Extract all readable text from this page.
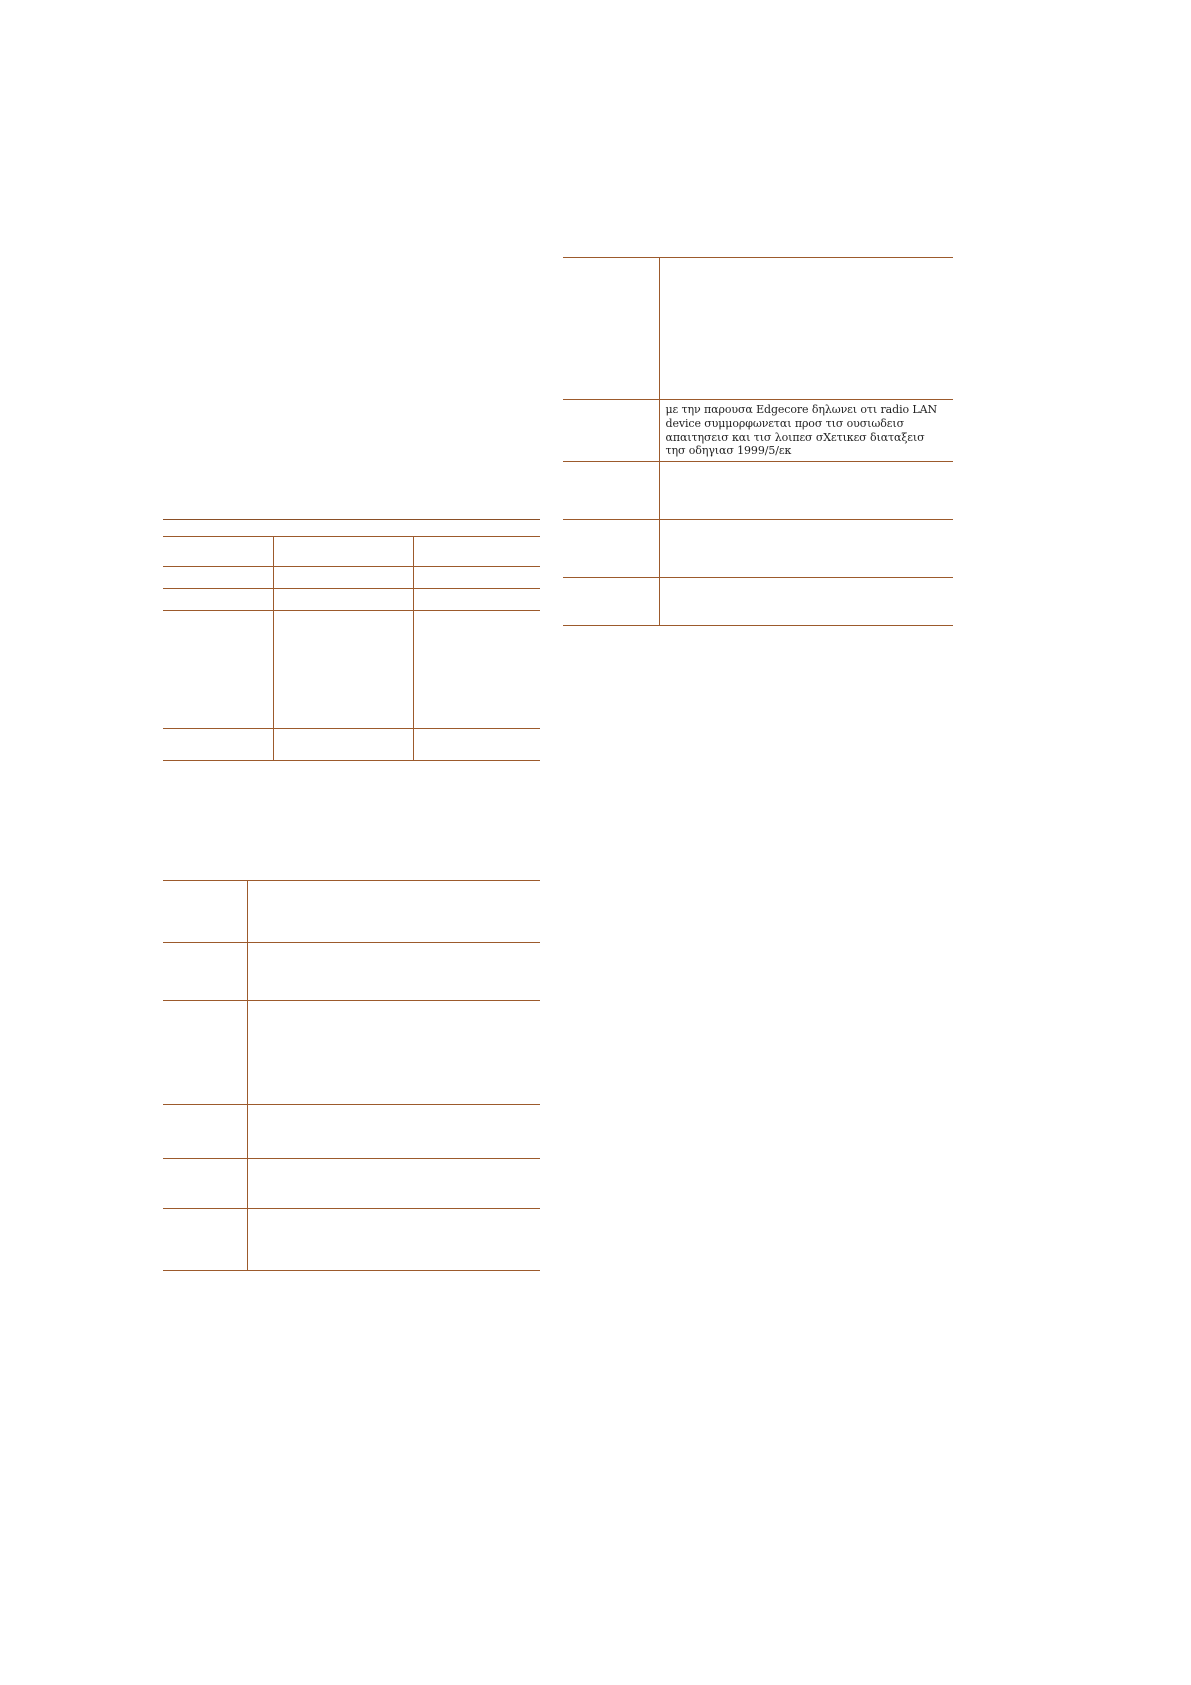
	με την παρουσα Edgecore δηλωνει οτι radio LAN device συμμορφωνεται προσ τισ ουσιωδεισ απαιτησεισ και τισ λοιπεσ σΧετικεσ διαταξεισ τησ οδηγιασ 1999/5/εκ
